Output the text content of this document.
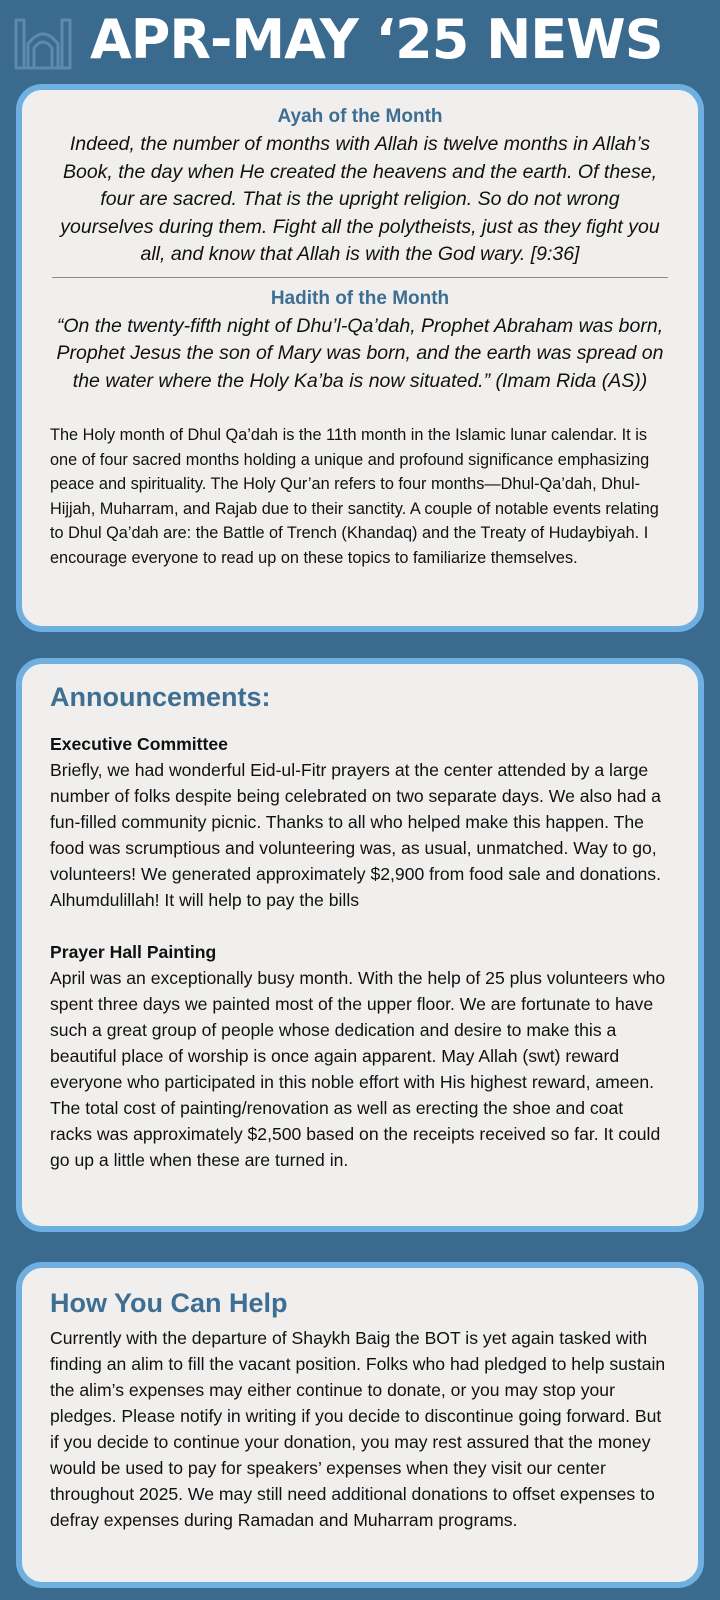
APR-MAY ‘25 NEWS
Ayah of the Month
Indeed, the number of months with Allah is twelve months in Allah’s Book, the day when He created the heavens and the earth. Of these, four are sacred. That is the upright religion. So do not wrong yourselves during them. Fight all the polytheists, just as they fight you all, and know that Allah is with the God wary. [9:36]
Hadith of the Month
“On the twenty-fifth night of Dhu’l-Qa’dah, Prophet Abraham was born, Prophet Jesus the son of Mary was born, and the earth was spread on the water where the Holy Ka’ba is now situated.” (Imam Rida (AS))
The Holy month of Dhul Qa’dah is the 11th month in the Islamic lunar calendar. It is one of four sacred months holding a unique and profound significance emphasizing peace and spirituality. The Holy Qur’an refers to four months—Dhul-Qa’dah, Dhul-Hijjah, Muharram, and Rajab due to their sanctity. A couple of notable events relating to Dhul Qa’dah are: the Battle of Trench (Khandaq) and the Treaty of Hudaybiyah. I encourage everyone to read up on these topics to familiarize themselves.
Announcements:
Executive Committee
Briefly, we had wonderful Eid-ul-Fitr prayers at the center attended by a large number of folks despite being celebrated on two separate days. We also had a fun-filled community picnic. Thanks to all who helped make this happen. The food was scrumptious and volunteering was, as usual, unmatched. Way to go, volunteers! We generated approximately $2,900 from food sale and donations. Alhumdulillah! It will help to pay the bills
Prayer Hall Painting
April was an exceptionally busy month. With the help of 25 plus volunteers who spent three days we painted most of the upper floor. We are fortunate to have such a great group of people whose dedication and desire to make this a beautiful place of worship is once again apparent. May Allah (swt) reward everyone who participated in this noble effort with His highest reward, ameen. The total cost of painting/renovation as well as erecting the shoe and coat racks was approximately $2,500 based on the receipts received so far. It could go up a little when these are turned in.
How You Can Help
Currently with the departure of Shaykh Baig the BOT is yet again tasked with finding an alim to fill the vacant position. Folks who had pledged to help sustain the alim’s expenses may either continue to donate, or you may stop your pledges. Please notify in writing if you decide to discontinue going forward. But if you decide to continue your donation, you may rest assured that the money would be used to pay for speakers’ expenses when they visit our center throughout 2025. We may still need additional donations to offset expenses to defray expenses during Ramadan and Muharram programs.
